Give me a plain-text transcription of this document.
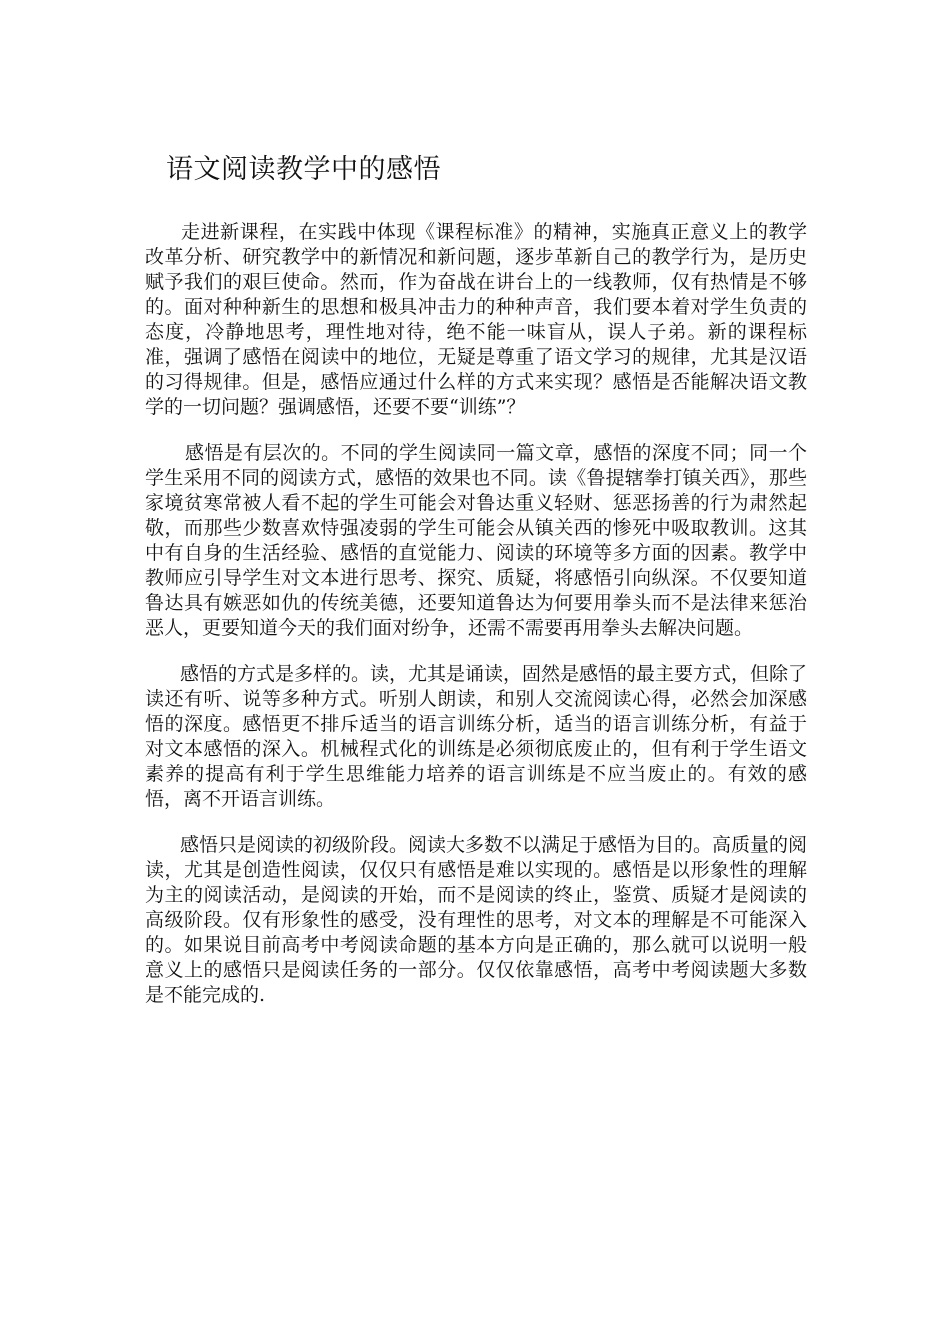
语文阅读教学中的感悟

走进新课程，在实践中体现《课程标准》的精神，实施真正意义上的教学改革分析、研究教学中的新情况和新问题，逐步革新自己的教学行为，是历史赋予我们的艰巨使命。然而，作为奋战在讲台上的一线教师，仅有热情是不够的。面对种种新生的思想和极具冲击力的种种声音，我们要本着对学生负责的态度，冷静地思考，理性地对待，绝不能一味盲从，误人子弟。新的课程标准，强调了感悟在阅读中的地位，无疑是尊重了语文学习的规律，尤其是汉语的习得规律。但是，感悟应通过什么样的方式来实现？感悟是否能解决语文教学的一切问题？强调感悟，还要不要“训练”？

感悟是有层次的。不同的学生阅读同一篇文章，感悟的深度不同；同一个学生采用不同的阅读方式，感悟的效果也不同。读《鲁提辖拳打镇关西》，那些家境贫寒常被人看不起的学生可能会对鲁达重义轻财、惩恶扬善的行为肃然起敬，而那些少数喜欢恃强凌弱的学生可能会从镇关西的惨死中吸取教训。这其中有自身的生活经验、感悟的直觉能力、阅读的环境等多方面的因素。教学中教师应引导学生对文本进行思考、探究、质疑，将感悟引向纵深。不仅要知道鲁达具有嫉恶如仇的传统美德，还要知道鲁达为何要用拳头而不是法律来惩治恶人，更要知道今天的我们面对纷争，还需不需要再用拳头去解决问题。

感悟的方式是多样的。读，尤其是诵读，固然是感悟的最主要方式，但除了读还有听、说等多种方式。听别人朗读，和别人交流阅读心得，必然会加深感悟的深度。感悟更不排斥适当的语言训练分析，适当的语言训练分析，有益于对文本感悟的深入。机械程式化的训练是必须彻底废止的，但有利于学生语文素养的提高有利于学生思维能力培养的语言训练是不应当废止的。有效的感悟，离不开语言训练。

感悟只是阅读的初级阶段。阅读大多数不以满足于感悟为目的。高质量的阅读，尤其是创造性阅读，仅仅只有感悟是难以实现的。感悟是以形象性的理解为主的阅读活动，是阅读的开始，而不是阅读的终止，鉴赏、质疑才是阅读的高级阶段。仅有形象性的感受，没有理性的思考，对文本的理解是不可能深入的。如果说目前高考中考阅读命题的基本方向是正确的，那么就可以说明一般意义上的感悟只是阅读任务的一部分。仅仅依靠感悟，高考中考阅读题大多数是不能完成的.
